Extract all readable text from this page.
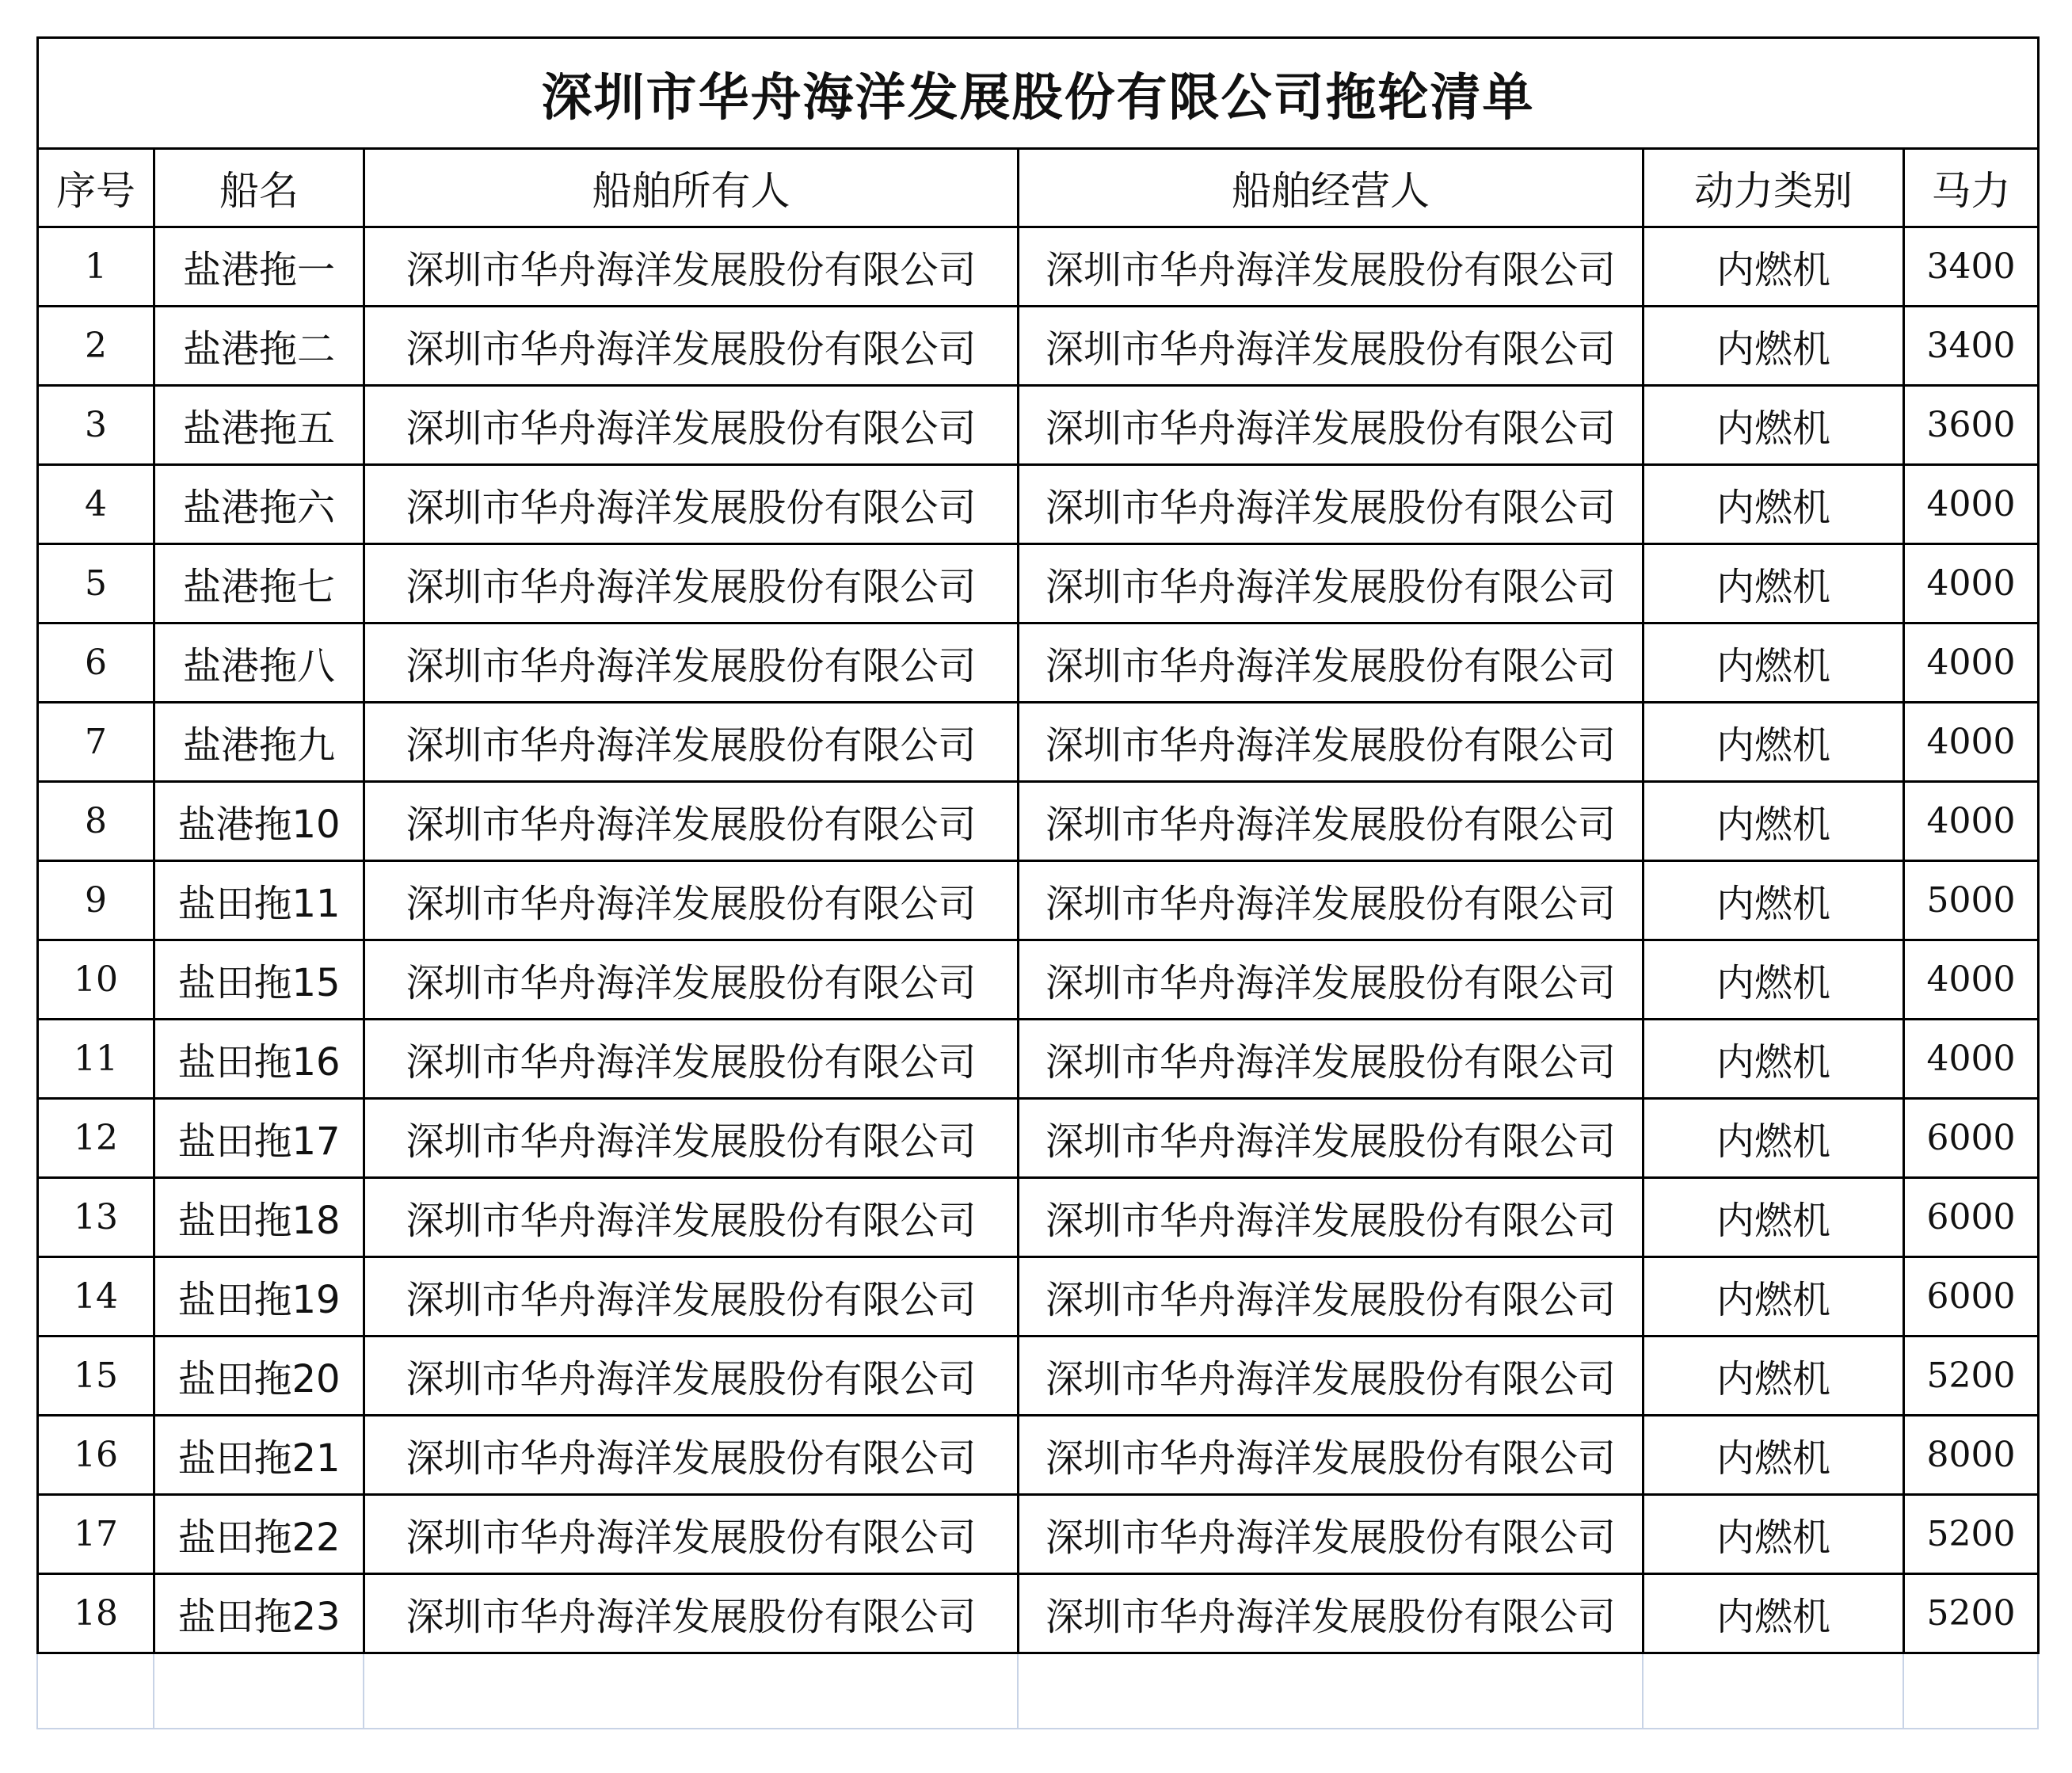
深圳市华舟海洋发展股份有限公司拖轮清单					
序号	船名	船舶所有人	船舶经营人	动力类别	马力
1	盐港拖一	深圳市华舟海洋发展股份有限公司	深圳市华舟海洋发展股份有限公司	内燃机	3400
2	盐港拖二	深圳市华舟海洋发展股份有限公司	深圳市华舟海洋发展股份有限公司	内燃机	3400
3	盐港拖五	深圳市华舟海洋发展股份有限公司	深圳市华舟海洋发展股份有限公司	内燃机	3600
4	盐港拖六	深圳市华舟海洋发展股份有限公司	深圳市华舟海洋发展股份有限公司	内燃机	4000
5	盐港拖七	深圳市华舟海洋发展股份有限公司	深圳市华舟海洋发展股份有限公司	内燃机	4000
6	盐港拖八	深圳市华舟海洋发展股份有限公司	深圳市华舟海洋发展股份有限公司	内燃机	4000
7	盐港拖九	深圳市华舟海洋发展股份有限公司	深圳市华舟海洋发展股份有限公司	内燃机	4000
8	盐港拖10	深圳市华舟海洋发展股份有限公司	深圳市华舟海洋发展股份有限公司	内燃机	4000
9	盐田拖11	深圳市华舟海洋发展股份有限公司	深圳市华舟海洋发展股份有限公司	内燃机	5000
10	盐田拖15	深圳市华舟海洋发展股份有限公司	深圳市华舟海洋发展股份有限公司	内燃机	4000
11	盐田拖16	深圳市华舟海洋发展股份有限公司	深圳市华舟海洋发展股份有限公司	内燃机	4000
12	盐田拖17	深圳市华舟海洋发展股份有限公司	深圳市华舟海洋发展股份有限公司	内燃机	6000
13	盐田拖18	深圳市华舟海洋发展股份有限公司	深圳市华舟海洋发展股份有限公司	内燃机	6000
14	盐田拖19	深圳市华舟海洋发展股份有限公司	深圳市华舟海洋发展股份有限公司	内燃机	6000
15	盐田拖20	深圳市华舟海洋发展股份有限公司	深圳市华舟海洋发展股份有限公司	内燃机	5200
16	盐田拖21	深圳市华舟海洋发展股份有限公司	深圳市华舟海洋发展股份有限公司	内燃机	8000
17	盐田拖22	深圳市华舟海洋发展股份有限公司	深圳市华舟海洋发展股份有限公司	内燃机	5200
18	盐田拖23	深圳市华舟海洋发展股份有限公司	深圳市华舟海洋发展股份有限公司	内燃机	5200
